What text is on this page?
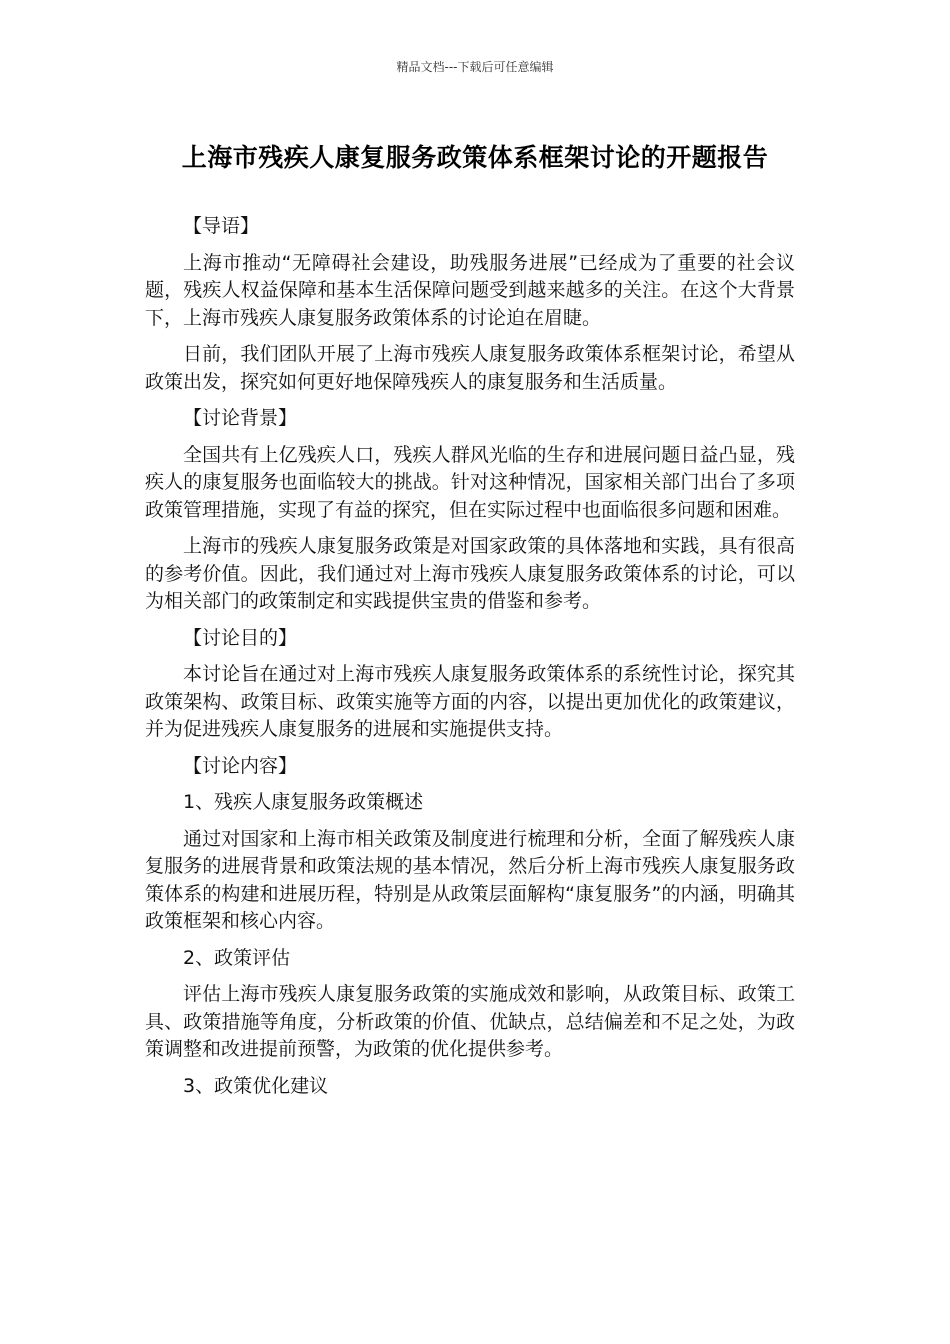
精品文档---下载后可任意编辑
上海市残疾人康复服务政策体系框架讨论的开题报告

【导语】

上海市推动“无障碍社会建设，助残服务进展”已经成为了重要的社会议题，残疾人权益保障和基本生活保障问题受到越来越多的关注。在这个大背景下，上海市残疾人康复服务政策体系的讨论迫在眉睫。

日前，我们团队开展了上海市残疾人康复服务政策体系框架讨论，希望从政策出发，探究如何更好地保障残疾人的康复服务和生活质量。

【讨论背景】

全国共有上亿残疾人口，残疾人群风光临的生存和进展问题日益凸显，残疾人的康复服务也面临较大的挑战。针对这种情况，国家相关部门出台了多项政策管理措施，实现了有益的探究，但在实际过程中也面临很多问题和困难。

上海市的残疾人康复服务政策是对国家政策的具体落地和实践，具有很高的参考价值。因此，我们通过对上海市残疾人康复服务政策体系的讨论，可以为相关部门的政策制定和实践提供宝贵的借鉴和参考。

【讨论目的】

本讨论旨在通过对上海市残疾人康复服务政策体系的系统性讨论，探究其政策架构、政策目标、政策实施等方面的内容，以提出更加优化的政策建议，并为促进残疾人康复服务的进展和实施提供支持。

【讨论内容】

1、残疾人康复服务政策概述

通过对国家和上海市相关政策及制度进行梳理和分析，全面了解残疾人康复服务的进展背景和政策法规的基本情况，然后分析上海市残疾人康复服务政策体系的构建和进展历程，特别是从政策层面解构“康复服务”的内涵，明确其政策框架和核心内容。

2、政策评估

评估上海市残疾人康复服务政策的实施成效和影响，从政策目标、政策工具、政策措施等角度，分析政策的价值、优缺点，总结偏差和不足之处，为政策调整和改进提前预警，为政策的优化提供参考。

3、政策优化建议
